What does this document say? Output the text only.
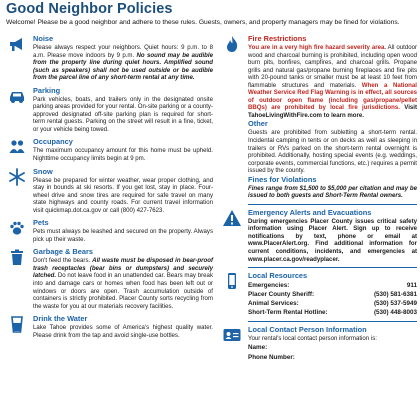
Good Neighbor Policies
Welcome! Please be a good neighbor and adhere to these rules. Guests, owners, and property managers may be fined for violations.
Noise

Please always respect your neighbors. Quiet hours: 9 p.m. to 8 a.m. Please move indoors by 9 p.m. No sound may be audible from the property line during quiet hours. Amplified sound (such as speakers) shall not be used outside or be audible from the parcel line of any short-term rental at any time.

Parking

Park vehicles, boats, and trailers only in the designated onsite parking areas provided for your rental. On-site parking or a county-approved designated off-site parking plan is required for short-term rental guests. Parking on the street will result in a fine, ticket, or your vehicle being towed.

Occupancy

The maximum occupancy amount for this home must be upheld. Nighttime occupancy limits begin at 9 pm.

Snow

Please be prepared for winter weather, wear proper clothing, and stay in bounds at ski resorts. If you get lost, stay in place. Four-wheel drive and snow tires are required for safe travel on many state highways and county roads. For current travel information visit quickmap.dot.ca.gov or call (800) 427-7623.

Pets

Pets must always be leashed and secured on the property. Always pick up their waste.

Garbage & Bears

Don't feed the bears. All waste must be disposed in bear-proof trash receptacles (bear bins or dumpsters) and securely latched. Do not leave food in an unattended car. Bears may break into and damage cars or homes when food has been left out or windows or doors are open. Trash accumulation outside of containers is strictly prohibited. Placer County sorts recycling from the waste for you at our materials recovery facilities.

Drink the Water

Lake Tahoe provides some of America's highest quality water. Please drink from the tap and avoid single-use bottles.

Fire Restrictions

You are in a very high fire hazard severity area. All outdoor wood and charcoal burning is prohibited, including open wood burn pits, bonfires, campfires, and charcoal grills. Propane grills and natural gas/propane burning fireplaces and fire pits with 20-pound tanks or smaller must be at least 10 feet from flammable structures and materials. When a National Weather Service Red Flag Warning is in effect, all sources of outdoor open flame (including gas/propane/pellet BBQs) are prohibited by local fire jurisdictions. Visit TahoeLivingWithFire.com to learn more.

Other

Guests are prohibited from subletting a short-term rental. Incidental camping in tents or on decks as well as sleeping in trailers or RVs parked on the short-term rental overnight is prohibited. Additionally, hosting special events (e.g. weddings, corporate events, commercial functions, etc.) requires a permit issued by the county.

Fines for Violations

Fines range from $1,500 to $5,000 per citation and may be issued to both guests and Short-Term Rental owners.

Emergency Alerts and Evacuations

During emergencies Placer County issues critical safety information using Placer Alert. Sign up to receive notifications by text, phone or email at www.PlacerAlert.org. Find additional information for current conditions, incidents, and emergencies at www.placer.ca.gov/readyplacer.

Local Resources
Emergencies:	911
Placer County Sheriff:	(530) 581-6381
Animal Services:	(530) 537-5949
Short-Term Rental Hotline:	(530) 448-8003
Local Contact Person Information

Your rental's local contact person information is:

Name:
Phone Number:
